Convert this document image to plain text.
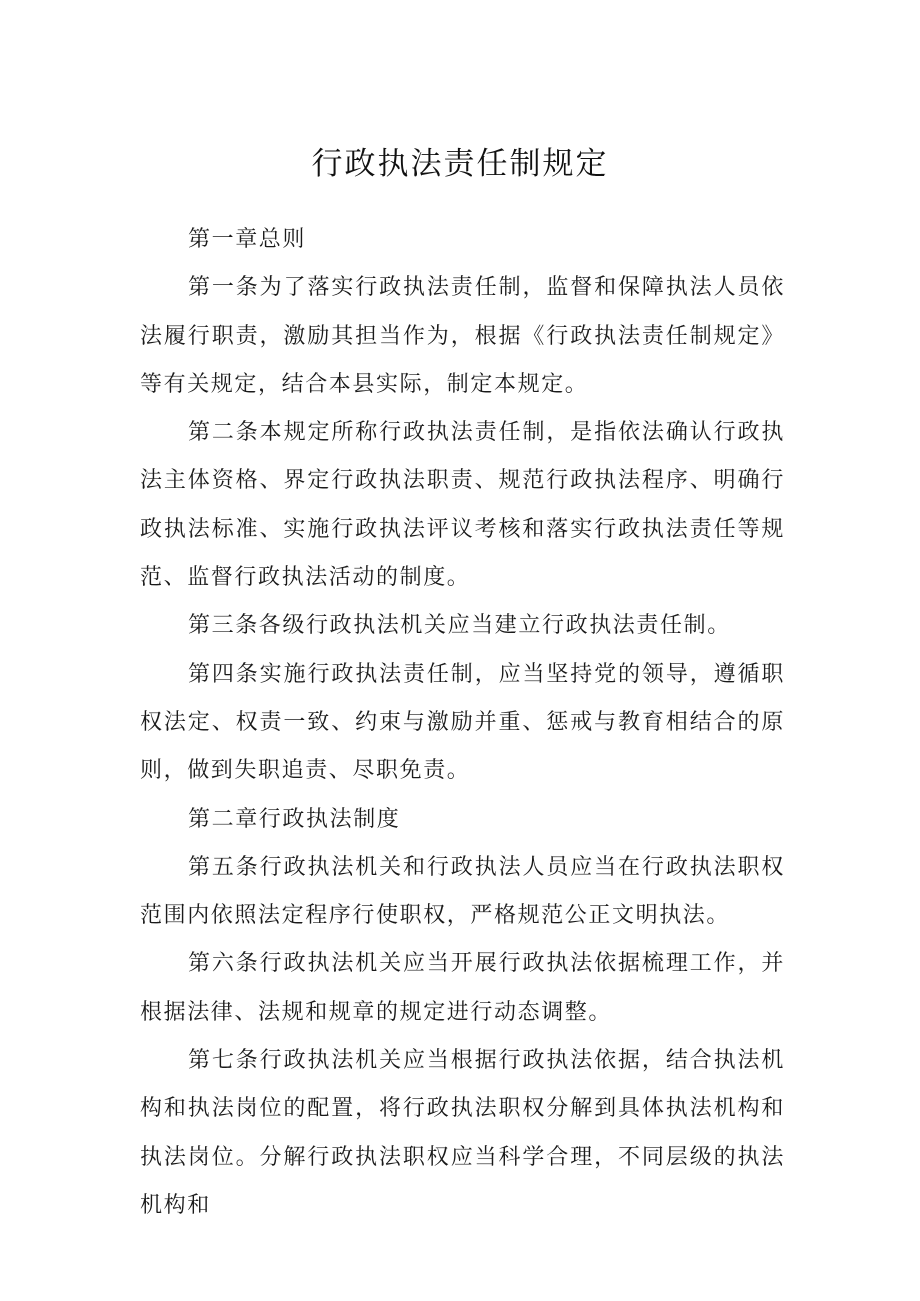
行政执法责任制规定

第一章总则

第一条为了落实行政执法责任制，监督和保障执法人员依法履行职责，激励其担当作为，根据《行政执法责任制规定》等有关规定，结合本县实际，制定本规定。

第二条本规定所称行政执法责任制，是指依法确认行政执法主体资格、界定行政执法职责、规范行政执法程序、明确行政执法标准、实施行政执法评议考核和落实行政执法责任等规范、监督行政执法活动的制度。

第三条各级行政执法机关应当建立行政执法责任制。

第四条实施行政执法责任制，应当坚持党的领导，遵循职权法定、权责一致、约束与激励并重、惩戒与教育相结合的原则，做到失职追责、尽职免责。

第二章行政执法制度

第五条行政执法机关和行政执法人员应当在行政执法职权范围内依照法定程序行使职权，严格规范公正文明执法。

第六条行政执法机关应当开展行政执法依据梳理工作，并根据法律、法规和规章的规定进行动态调整。

第七条行政执法机关应当根据行政执法依据，结合执法机构和执法岗位的配置，将行政执法职权分解到具体执法机构和执法岗位。分解行政执法职权应当科学合理，不同层级的执法机构和
